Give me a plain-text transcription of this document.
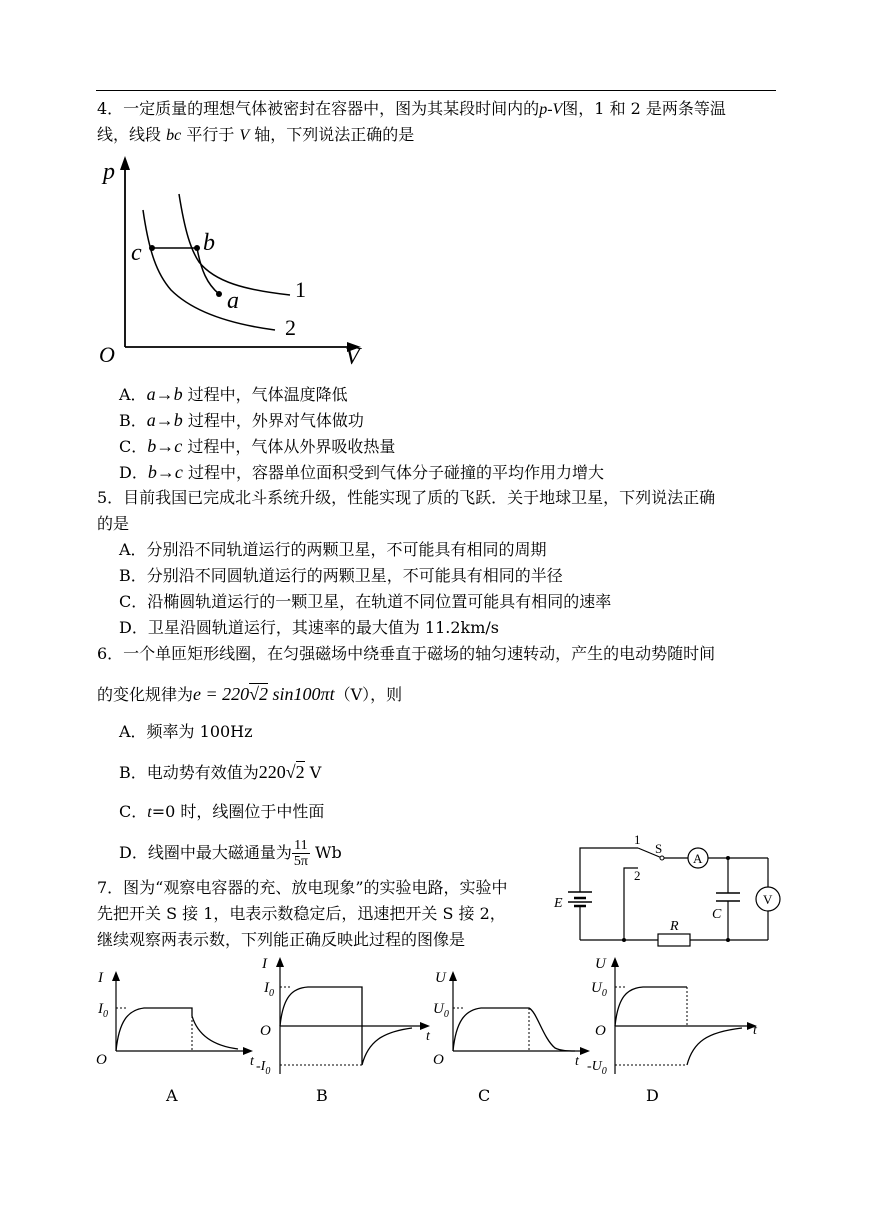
4．一定质量的理想气体被密封在容器中，图为其某段时间内的p-V图，1 和 2 是两条等温
线，线段 bc 平行于 V 轴，下列说法正确的是
p
V
O
c	b
a	1
2
A．a→b 过程中，气体温度降低
B．a→b 过程中，外界对气体做功
C．b→c 过程中，气体从外界吸收热量
D．b→c 过程中，容器单位面积受到气体分子碰撞的平均作用力增大
5．目前我国已完成北斗系统升级，性能实现了质的飞跃．关于地球卫星，下列说法正确
的是
A．分别沿不同轨道运行的两颗卫星，不可能具有相同的周期
B．分别沿不同圆轨道运行的两颗卫星，不可能具有相同的半径
C．沿椭圆轨道运行的一颗卫星，在轨道不同位置可能具有相同的速率
D．卫星沿圆轨道运行，其速率的最大值为 11.2km/s
6．一个单匝矩形线圈，在匀强磁场中绕垂直于磁场的轴匀速转动，产生的电动势随时间
的变化规律为e = 220√2 sin100πt（V），则
A．频率为 100Hz
B．电动势有效值为220√2 V
C．t=0 时，线圈位于中性面
D．线圈中最大磁通量为 $\frac{11}{5\pi}$ Wb
7．图为“观察电容器的充、放电现象”的实验电路，实验中
先把开关 S 接 1，电表示数稳定后，迅速把开关 S 接 2，
继续观察两表示数，下列能正确反映此过程的图像是
1
2
S
A
V
E
C
R
I
$I_0$
O	t
A
I
$I_0$
O
$-I_0$
t
B
U
$U_0$
O	t
C
U
$U_0$
O
$-U_0$
t
D
